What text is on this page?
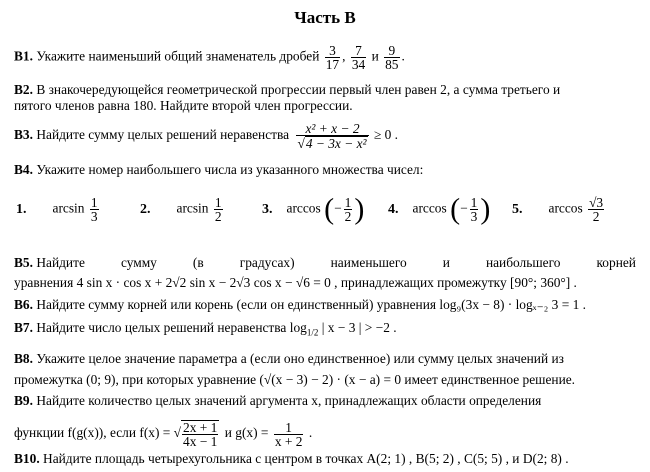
Часть B
В1. Укажите наименьший общий знаменатель дробей $\frac{3}{17}$ , $\frac{7}{34}$ и $\frac{9}{85}$ .
В2. В знакочередующейся геометрической прогрессии первый член равен 2, а сумма третьего и
пятого членов равна 180. Найдите второй член прогрессии.
В3. Найдите сумму целых решений неравенства $\frac{\text{x² + x − 2}}{\text{√4 − 3x − x²}} \ge 0$ .
В4. Укажите номер наибольшего числа из указанного множества чисел:
1. $\arcsin \frac{1}{3}$	2. $\arcsin \frac{1}{2}$	3. arccos (− $\frac{1}{2}$ ) 4. arccos (− $\frac{1}{3}$ ) 5. $\arccos \frac{√3}{2}$
В5. Найдите	сумму	(в	градусах)	наименьшего	и	наибольшего	корней
уравнения 4 sin x · cos x + 2√2 sin x − 2√3 cos x − √6 = 0 , принадлежащих промежутку [90°; 360°] .
В6. Найдите сумму корней или корень (если он единственный) уравнения log₉(3x − 8) · logₓ₋₂ 3 = 1 .
В7. Найдите число целых решений неравенства $\log_{1/2}$ | x − 3 | > −2 .
В8. Укажите целое значение параметра a (если оно единственное) или сумму целых значений из
промежутка (0; 9), при которых уравнение (√(x − 3) − 2) · (x − a) = 0 имеет единственное решение.
В9. Найдите количество целых значений аргумента x, принадлежащих области определения
функции f(g(x)), если f(x) = √ $\frac{2x + 1}{4x - 1}$ и $g(x) = \frac{1}{x + 2}$ .
В10. Найдите площадь четырехугольника с центром в точках A(2; 1) , B(5; 2) , C(5; 5) , и D(2; 8) .
